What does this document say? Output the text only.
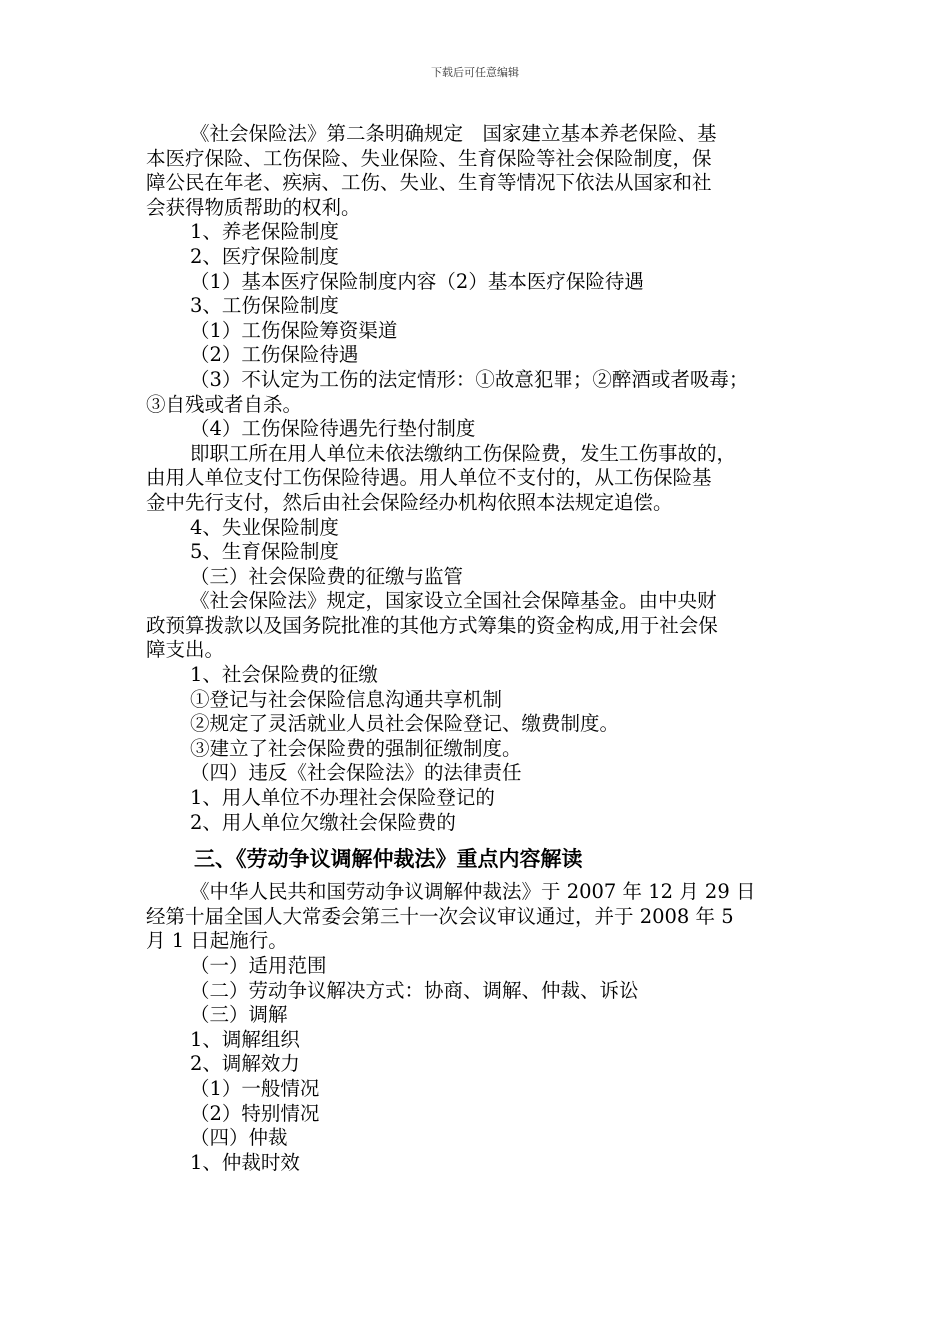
下载后可任意编辑
《社会保险法》第二条明确规定　国家建立基本养老保险、基
本医疗保险、工伤保险、失业保险、生育保险等社会保险制度，保
障公民在年老、疾病、工伤、失业、生育等情况下依法从国家和社
会获得物质帮助的权利。
1、养老保险制度
2、医疗保险制度
（1）基本医疗保险制度内容（2）基本医疗保险待遇
3、工伤保险制度
（1）工伤保险筹资渠道
（2）工伤保险待遇
（3）不认定为工伤的法定情形：①故意犯罪；②醉酒或者吸毒；
③自残或者自杀。
（4）工伤保险待遇先行垫付制度
即职工所在用人单位未依法缴纳工伤保险费，发生工伤事故的，
由用人单位支付工伤保险待遇。用人单位不支付的，从工伤保险基
金中先行支付，然后由社会保险经办机构依照本法规定追偿。
4、失业保险制度
5、生育保险制度
（三）社会保险费的征缴与监管
《社会保险法》规定，国家设立全国社会保障基金。由中央财
政预算拨款以及国务院批准的其他方式筹集的资金构成,用于社会保
障支出。
1、社会保险费的征缴
①登记与社会保险信息沟通共享机制
②规定了灵活就业人员社会保险登记、缴费制度。
③建立了社会保险费的强制征缴制度。
（四）违反《社会保险法》的法律责任
1、用人单位不办理社会保险登记的
2、用人单位欠缴社会保险费的
三、《劳动争议调解仲裁法》重点内容解读
《中华人民共和国劳动争议调解仲裁法》于 2007 年 12 月 29 日
经第十届全国人大常委会第三十一次会议审议通过，并于 2008 年 5
月 1 日起施行。
（一）适用范围
（二）劳动争议解决方式：协商、调解、仲裁、诉讼
（三）调解
1、调解组织
2、调解效力
（1）一般情况
（2）特别情况
（四）仲裁
1、仲裁时效
